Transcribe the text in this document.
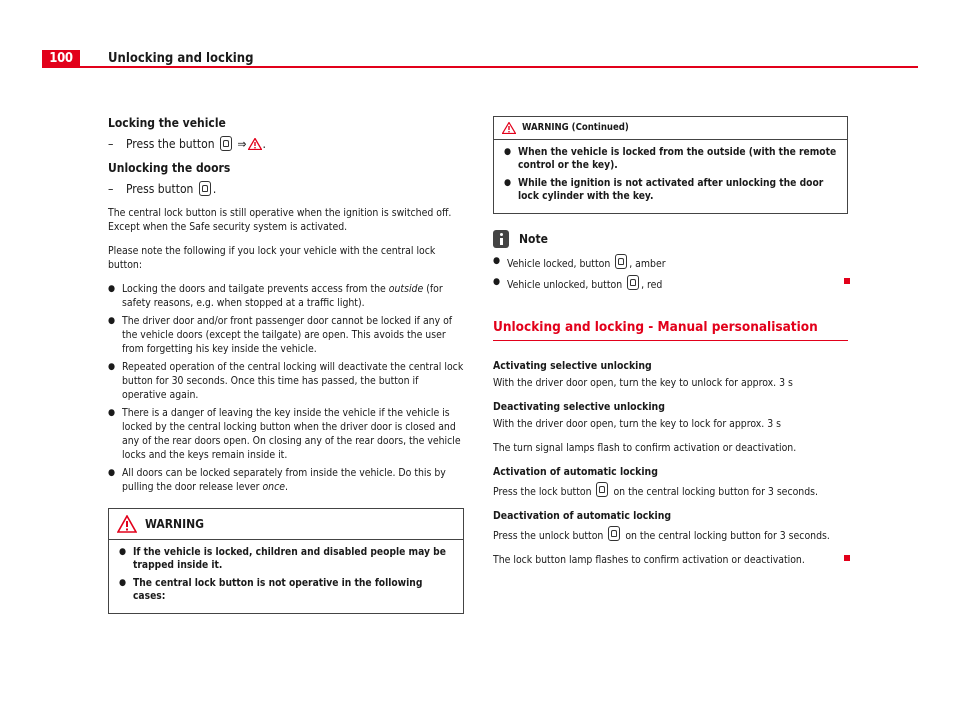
100	Unlocking and locking
Locking the vehicle
–	Press the button

⇒ .
Unlocking the doors
–	Press button
.

The central lock button is still operative when the ignition is switched off. Except when the Safe security system is activated.

Please note the following if you lock your vehicle with the central lock button:

● Locking the doors and tailgate prevents access from the outside (for safety reasons, e.g. when stopped at a traffic light).
● The driver door and/or front passenger door cannot be locked if any of the vehicle doors (except the tailgate) are open. This avoids the user from forgetting his key inside the vehicle.
● Repeated operation of the central locking will deactivate the central lock button for 30 seconds. Once this time has passed, the button if operative again.
● There is a danger of leaving the key inside the vehicle if the vehicle is locked by the central locking button when the driver door is closed and any of the rear doors open. On closing any of the rear doors, the vehicle locks and the keys remain inside it.
● All doors can be locked separately from inside the vehicle. Do this by pulling the door release lever once.
WARNING
● If the vehicle is locked, children and disabled people may be trapped inside it.
● The central lock button is not operative in the following cases:
WARNING (Continued)
● When the vehicle is locked from the outside (with the remote control or the key).
● While the ignition is not activated after unlocking the door lock cylinder with the key.
Note
● Vehicle locked, button , amber
● Vehicle unlocked, button , red
Unlocking and locking - Manual personalisation
Activating selective unlocking

With the driver door open, turn the key to unlock for approx. 3 s

Deactivating selective unlocking

With the driver door open, turn the key to lock for approx. 3 s

The turn signal lamps flash to confirm activation or deactivation.

Activation of automatic locking

Press the lock button on the central locking button for 3 seconds.

Deactivation of automatic locking

Press the unlock button on the central locking button for 3 seconds.

The lock button lamp flashes to confirm activation or deactivation.
